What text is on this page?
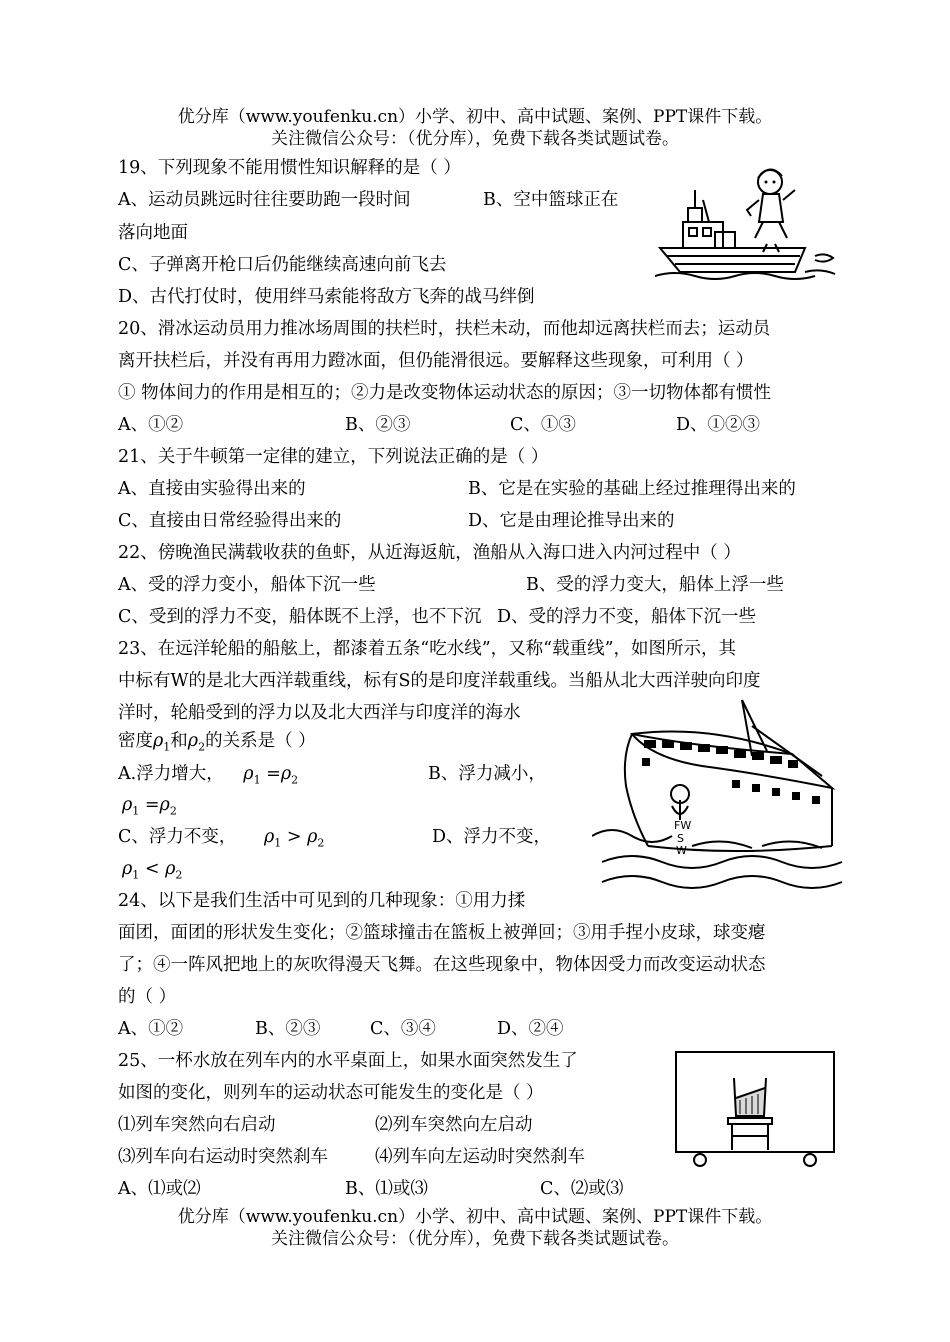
优分库（www.youfenku.cn）小学、初中、高中试题、案例、PPT课件下载。
关注微信公众号：（优分库），免费下载各类试题试卷。
19、下列现象不能用惯性知识解释的是（ ）
A、运动员跳远时往往要助跑一段时间	B、空中篮球正在
落向地面
C、子弹离开枪口后仍能继续高速向前飞去
D、古代打仗时，使用绊马索能将敌方飞奔的战马绊倒
20、滑冰运动员用力推冰场周围的扶栏时，扶栏未动，而他却远离扶栏而去；运动员
离开扶栏后，并没有再用力蹬冰面，但仍能滑很远。要解释这些现象，可利用（ ）
① 物体间力的作用是相互的；②力是改变物体运动状态的原因；③一切物体都有惯性
A、①②	B、②③	C、①③	D、①②③
21、关于牛顿第一定律的建立，下列说法正确的是（ ）
A、直接由实验得出来的	B、它是在实验的基础上经过推理得出来的
C、直接由日常经验得出来的	D、它是由理论推导出来的
22、傍晚渔民满载收获的鱼虾，从近海返航，渔船从入海口进入内河过程中（ ）
A、受的浮力变小，船体下沉一些	B、受的浮力变大，船体上浮一些
C、受到的浮力不变，船体既不上浮，也不下沉 D、受的浮力不变，船体下沉一些
23、在远洋轮船的船舷上，都漆着五条“吃水线”，又称“载重线”，如图所示，其
中标有W的是北大西洋载重线，标有S的是印度洋载重线。当船从北大西洋驶向印度
洋时，轮船受到的浮力以及北大西洋与印度洋的海水
密度$\rho_1$和$\rho_2$的关系是（ ）
A.浮力增大， $\rho_1 =\rho_2$	B、浮力减小，
$\rho_1 =\rho_2$
C、浮力不变， $\rho_1 > \rho_2$	D、浮力不变，
$\rho_1 < \rho_2$
FW
S
W
24、以下是我们生活中可见到的几种现象：①用力揉
面团，面团的形状发生变化；②篮球撞击在篮板上被弹回；③用手捏小皮球，球变瘪
了；④一阵风把地上的灰吹得漫天飞舞。在这些现象中，物体因受力而改变运动状态
的（ ）
A、①②	B、②③	C、③④	D、②④
25、一杯水放在列车内的水平桌面上，如果水面突然发生了
如图的变化，则列车的运动状态可能发生的变化是（ ）
⑴列车突然向右启动	⑵列车突然向左启动
⑶列车向右运动时突然刹车	⑷列车向左运动时突然刹车
A、⑴或⑵	B、⑴或⑶	C、⑵或⑶
优分库（www.youfenku.cn）小学、初中、高中试题、案例、PPT课件下载。
关注微信公众号：（优分库），免费下载各类试题试卷。
